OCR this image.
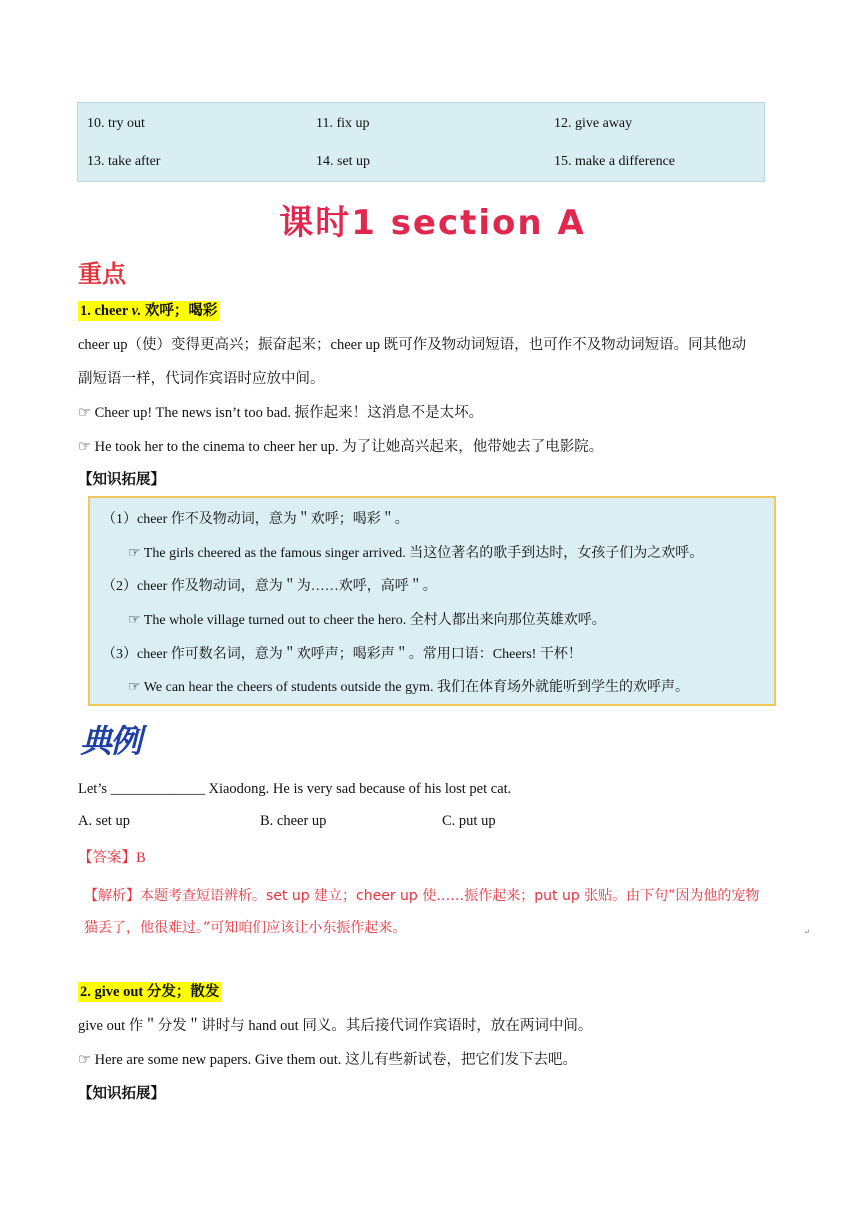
10. try out	11. fix up	12. give away
13. take after	14. set up	15. make a difference
课时1 section A
重点
1. cheer v. 欢呼；喝彩
cheer up（使）变得更高兴；振奋起来；cheer up 既可作及物动词短语，也可作不及物动词短语。同其他动
副短语一样，代词作宾语时应放中间。
☞ Cheer up! The news isn’t too bad. 振作起来！这消息不是太坏。
☞ He took her to the cinema to cheer her up. 为了让她高兴起来，他带她去了电影院。
【知识拓展】
（1）cheer 作不及物动词，意为＂欢呼；喝彩＂。
☞ The girls cheered as the famous singer arrived. 当这位著名的歌手到达时，女孩子们为之欢呼。
（2）cheer 作及物动词，意为＂为……欢呼，高呼＂。
☞ The whole village turned out to cheer the hero. 全村人都出来向那位英雄欢呼。
（3）cheer 作可数名词，意为＂欢呼声；喝彩声＂。常用口语：Cheers! 干杯！
☞ We can hear the cheers of students outside the gym. 我们在体育场外就能听到学生的欢呼声。
典例
Let’s _____________ Xiaodong. He is very sad because of his lost pet cat.
A. set up	B. cheer up	C. put up
【答案】B
【解析】本题考查短语辨析。set up 建立；cheer up 使……振作起来；put up 张贴。由下句”因为他的宠物
猫丢了，他很难过。”可知咱们应该让小东振作起来。	↵
2. give out 分发；散发
give out 作＂分发＂讲时与 hand out 同义。其后接代词作宾语时，放在两词中间。
☞ Here are some new papers. Give them out. 这儿有些新试卷，把它们发下去吧。
【知识拓展】
